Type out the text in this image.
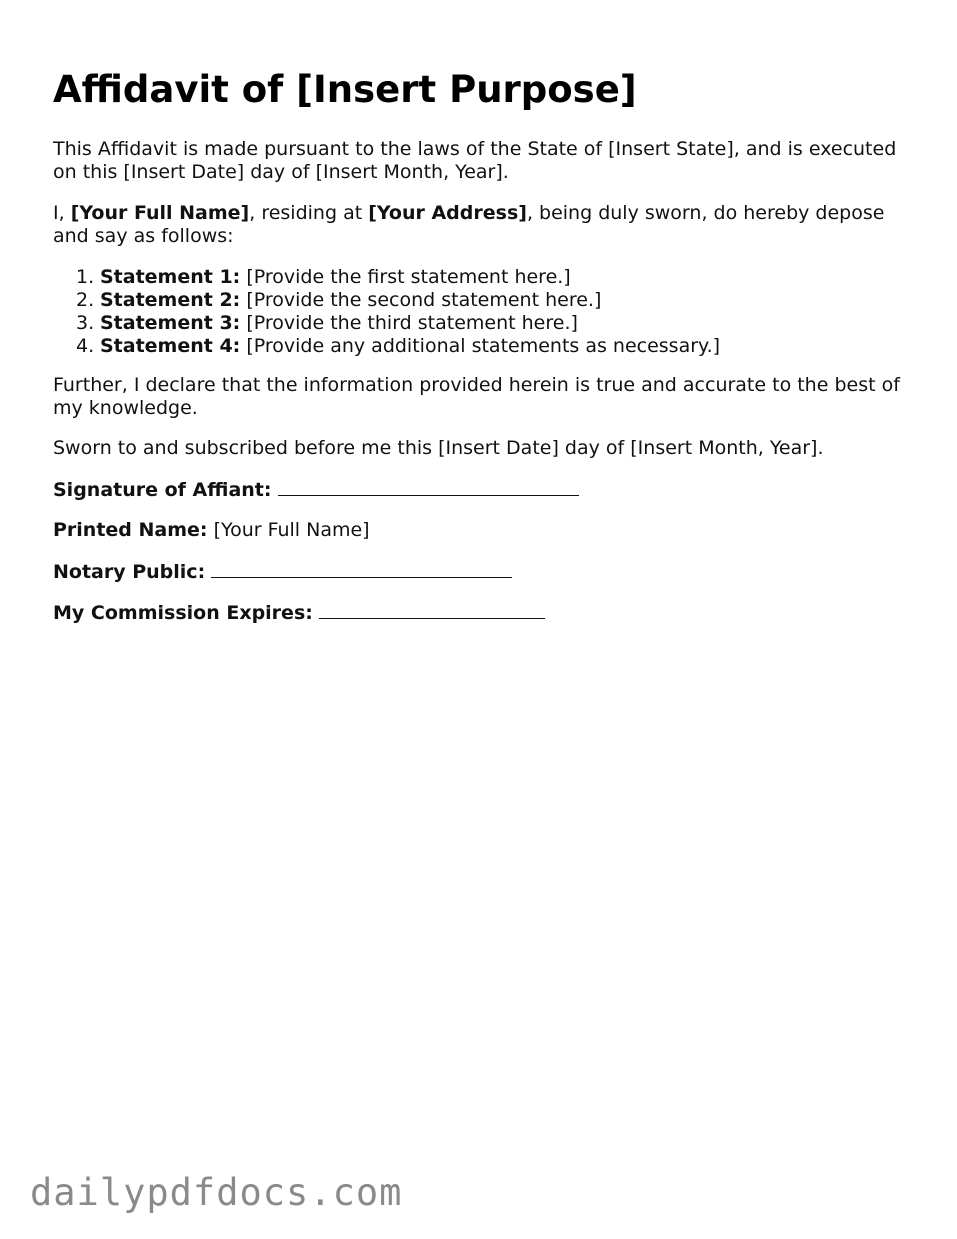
Affidavit of [Insert Purpose]
This Affidavit is made pursuant to the laws of the State of [Insert State], and is executed
on this [Insert Date] day of [Insert Month, Year].
I, [Your Full Name], residing at [Your Address], being duly sworn, do hereby depose
and say as follows:
1. Statement 1: [Provide the first statement here.]
2. Statement 2: [Provide the second statement here.]
3. Statement 3: [Provide the third statement here.]
4. Statement 4: [Provide any additional statements as necessary.]
Further, I declare that the information provided herein is true and accurate to the best of
my knowledge.
Sworn to and subscribed before me this [Insert Date] day of [Insert Month, Year].
Signature of Affiant:
Printed Name: [Your Full Name]
Notary Public:
My Commission Expires:
dailypdfdocs.com
